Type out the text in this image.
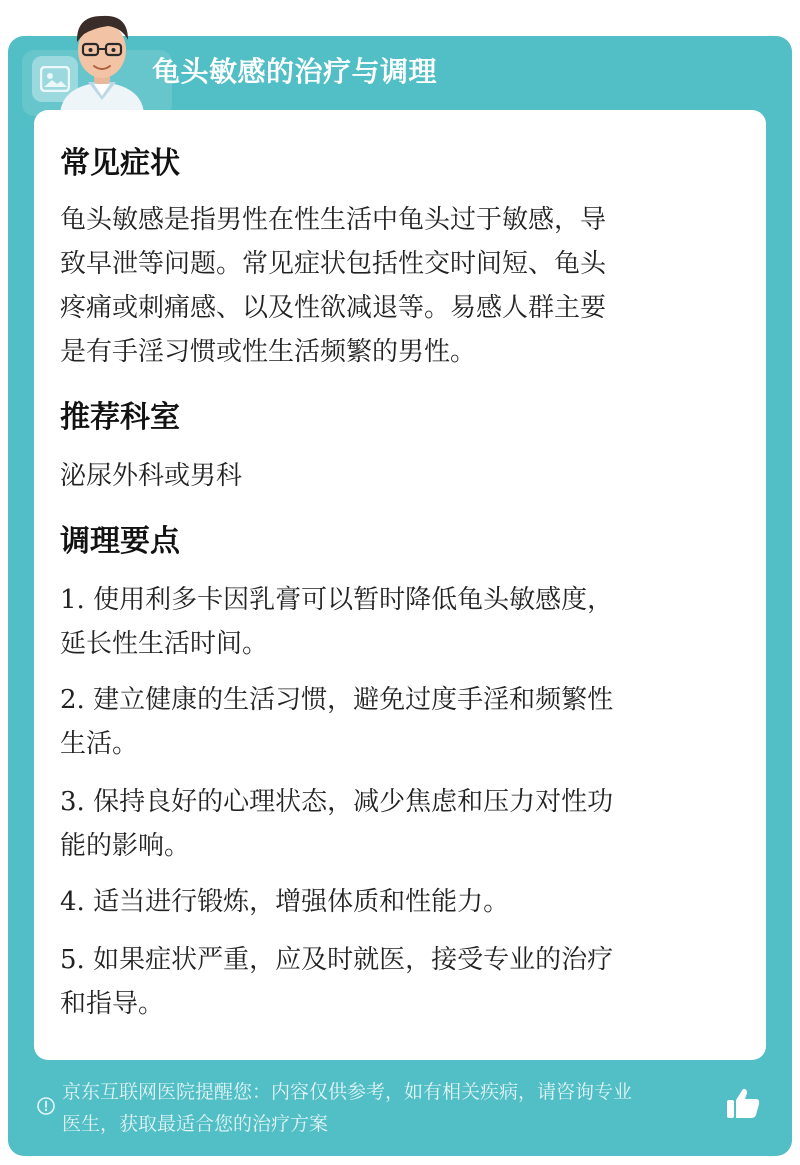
龟头敏感的治疗与调理
常见症状
龟头敏感是指男性在性生活中龟头过于敏感，导
致早泄等问题。常见症状包括性交时间短、龟头
疼痛或刺痛感、以及性欲减退等。易感人群主要
是有手淫习惯或性生活频繁的男性。
推荐科室
泌尿外科或男科
调理要点
1. 使用利多卡因乳膏可以暂时降低龟头敏感度，
延长性生活时间。
2. 建立健康的生活习惯，避免过度手淫和频繁性
生活。
3. 保持良好的心理状态，减少焦虑和压力对性功
能的影响。
4. 适当进行锻炼，增强体质和性能力。
5. 如果症状严重，应及时就医，接受专业的治疗
和指导。
京东互联网医院提醒您：内容仅供参考，如有相关疾病，请咨询专业
医生，获取最适合您的治疗方案
